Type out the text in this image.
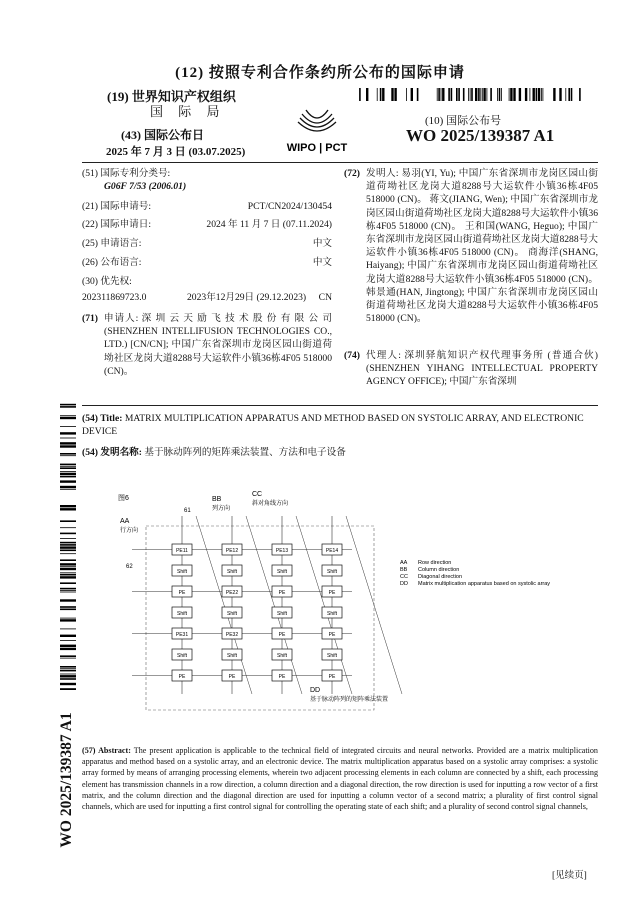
(12) 按照专利合作条约所公布的国际申请
(19) 世界知识产权组织
国 际 局
(43) 国际公布日
2025 年 7 月 3 日 (03.07.2025)	WIPO | PCT
(10) 国际公布号
WO 2025/139387 A1
(51) 国际专利分类号:
G06F 7/53 (2006.01)
(21) 国际申请号:	PCT/CN2024/130454
(22) 国际申请日:	2024 年 11 月 7 日 (07.11.2024)
(25) 申请语言:	中文
(26) 公布语言:	中文
(30) 优先权:
202311869723.0	2023年12月29日 (29.12.2023) CN
(71) 申请人: 深 圳 云 天 励 飞 技 术 股 份 有 限 公 司(SHENZHEN INTELLIFUSION TECHNOLOGIES CO., LTD.) [CN/CN]; 中国广东省深圳市龙岗区园山街道荷坳社区龙岗大道8288号大运软件小镇36栋4F05 518000 (CN)。
(72) 发明人: 易羽(YI, Yu); 中国广东省深圳市龙岗区园山街道荷坳社区龙岗大道8288号大运软件小镇36栋4F05 518000 (CN)。 蒋文(JIANG, Wen); 中国广东省深圳市龙岗区园山街道荷坳社区龙岗大道8288号大运软件小镇36栋4F05 518000 (CN)。 王和国(WANG, Heguo); 中国广东省深圳市龙岗区园山街道荷坳社区龙岗大道8288号大运软件小镇36栋4F05 518000 (CN)。 商海洋(SHANG, Haiyang); 中国广东省深圳市龙岗区园山街道荷坳社区龙岗大道8288号大运软件小镇36栋4F05 518000 (CN)。 韩景通(HAN, Jingtong); 中国广东省深圳市龙岗区园山街道荷坳社区龙岗大道8288号大运软件小镇36栋4F05 518000 (CN)。
(74) 代理人: 深圳驿航知识产权代理事务所 (普通合伙) (SHENZHEN YIHANG INTELLECTUAL PROPERTY AGENCY OFFICE); 中国广东省深圳
WO 2025/139387 A1
(54) Title: MATRIX MULTIPLICATION APPARATUS AND METHOD BASED ON SYSTOLIC ARRAY, AND ELECTRONIC DEVICE
(54) 发明名称: 基于脉动阵列的矩阵乘法装置、方法和电子设备
图6
AA
行方向
BB
列方向
CC
斜对角线方向
61
62
PE11	PE12	PE13	PE14
PE	PE22	PE	PE
PE31	PE32	PE	PE
PE	PE	PE	PE
Shift	Shift	Shift	Shift
Shift	Shift	Shift	Shift
Shift	Shift	Shift	Shift
DD
基于脉动阵列的矩阵乘法装置
AA Row direction
BB Column direction
CC Diagonal direction
DD Matrix multiplication apparatus based on systolic array
(57) Abstract: The present application is applicable to the technical field of integrated circuits and neural networks. Provided are a matrix multiplication apparatus and method based on a systolic array, and an electronic device. The matrix multiplication apparatus based on a systolic array comprises: a systolic array formed by means of arranging processing elements, wherein two adjacent processing elements in each column are connected by a shift, each processing element has transmission channels in a row direction, a column direction and a diagonal direction, the row direction is used for inputting a row vector of a first matrix, and the column direction and the diagonal direction are used for inputting a column vector of a second matrix; a plurality of first control signal channels, which are used for inputting a first control signal for controlling the operating state of each shift; and a plurality of second control signal channels,
[见续页]
